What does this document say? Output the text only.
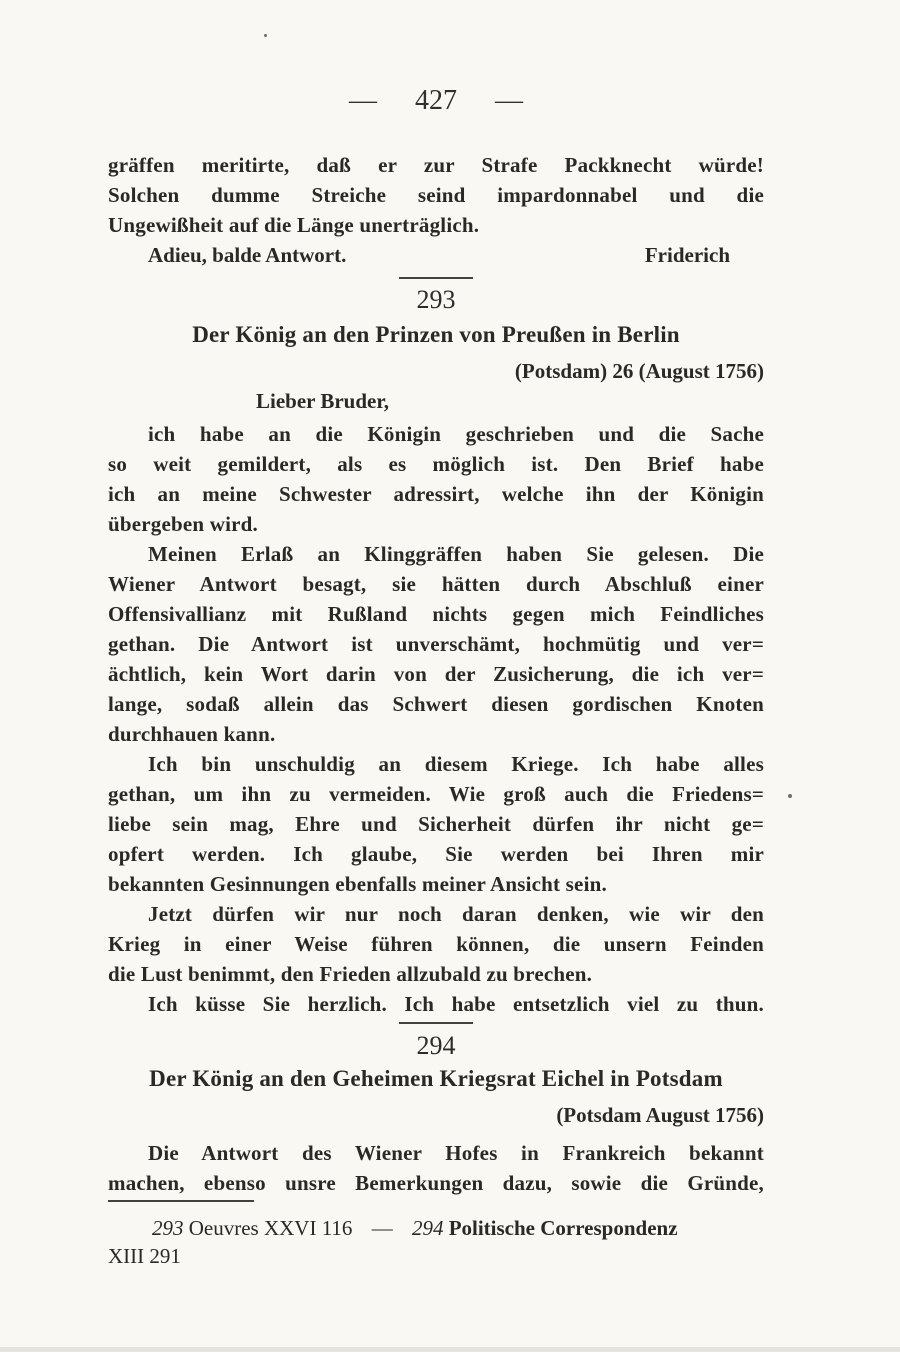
— 427 —
gräffen meritirte, daß er zur Strafe Packknecht würde!
Solchen dumme Streiche seind impardonnabel und die
Ungewißheit auf die Länge unerträglich.
Adieu, balde Antwort.	Friderich
293
Der König an den Prinzen von Preußen in Berlin
(Potsdam) 26 (August 1756)
Lieber Bruder,
ich habe an die Königin geschrieben und die Sache
so weit gemildert, als es möglich ist. Den Brief habe
ich an meine Schwester adressirt, welche ihn der Königin
übergeben wird.
Meinen Erlaß an Klinggräffen haben Sie gelesen. Die
Wiener Antwort besagt, sie hätten durch Abschluß einer
Offensivallianz mit Rußland nichts gegen mich Feindliches
gethan. Die Antwort ist unverschämt, hochmütig und ver=
ächtlich, kein Wort darin von der Zusicherung, die ich ver=
lange, sodaß allein das Schwert diesen gordischen Knoten
durchhauen kann.
Ich bin unschuldig an diesem Kriege. Ich habe alles
gethan, um ihn zu vermeiden. Wie groß auch die Friedens=
liebe sein mag, Ehre und Sicherheit dürfen ihr nicht ge=
opfert werden. Ich glaube, Sie werden bei Ihren mir
bekannten Gesinnungen ebenfalls meiner Ansicht sein.
Jetzt dürfen wir nur noch daran denken, wie wir den
Krieg in einer Weise führen können, die unsern Feinden
die Lust benimmt, den Frieden allzubald zu brechen.
Ich küsse Sie herzlich. Ich habe entsetzlich viel zu thun.
294
Der König an den Geheimen Kriegsrat Eichel in Potsdam
(Potsdam August 1756)
Die Antwort des Wiener Hofes in Frankreich bekannt
machen, ebenso unsre Bemerkungen dazu, sowie die Gründe,
293 Oeuvres XXVI 116 — 294 Politische Correspondenz
XIII 291
